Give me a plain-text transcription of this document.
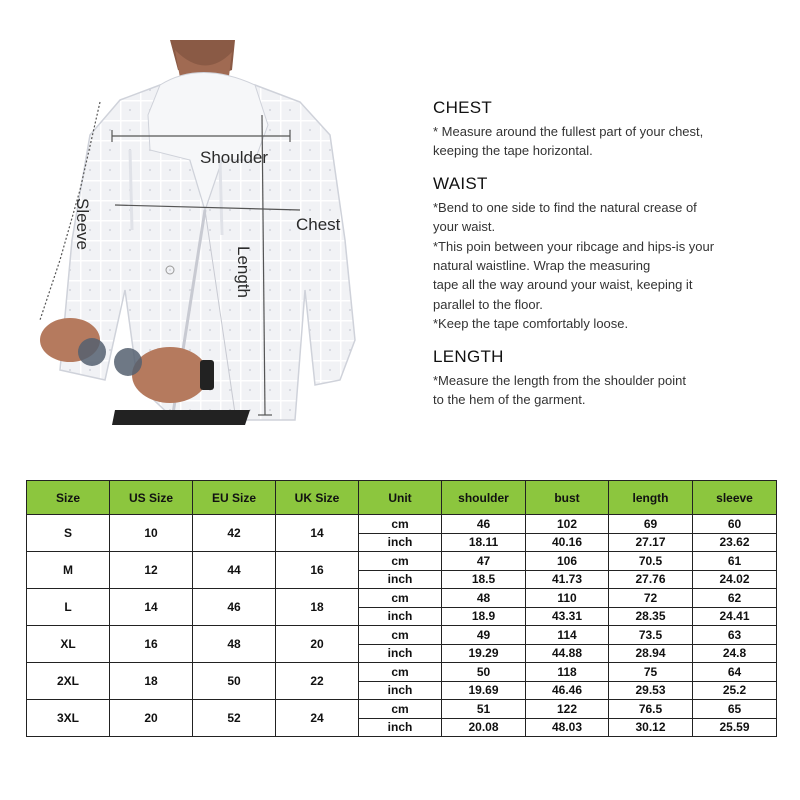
Shoulder
Chest
Sleeve
Length
CHEST
* Measure around the fullest part of your chest,
keeping the tape horizontal.
WAIST
*Bend to one side to find the natural crease of
your waist.
*This poin between your ribcage and hips-is your
natural waistline. Wrap the measuring
tape all the way around your waist, keeping it
parallel to the floor.
*Keep the tape comfortably loose.
LENGTH
*Measure the length from the shoulder point
to the hem of the garment.
Size	US Size	EU Size	UK Size	Unit	shoulder	bust	length	sleeve
S	10	42	14	cm	46	102	69	60
				inch	18.11	40.16	27.17	23.62
M	12	44	16	cm	47	106	70.5	61
				inch	18.5	41.73	27.76	24.02
L	14	46	18	cm	48	110	72	62
				inch	18.9	43.31	28.35	24.41
XL	16	48	20	cm	49	114	73.5	63
				inch	19.29	44.88	28.94	24.8
2XL	18	50	22	cm	50	118	75	64
				inch	19.69	46.46	29.53	25.2
3XL	20	52	24	cm	51	122	76.5	65
				inch	20.08	48.03	30.12	25.59
